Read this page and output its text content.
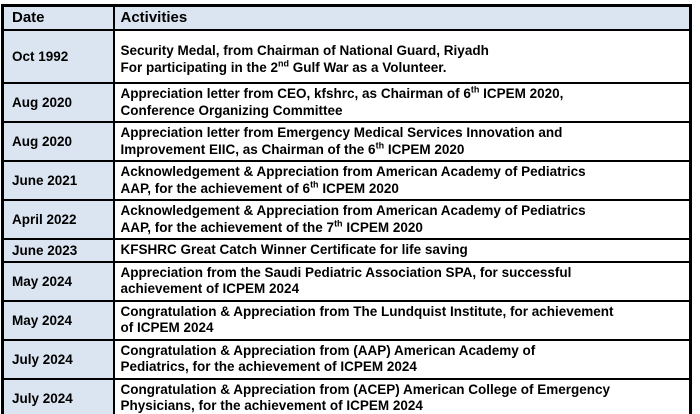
Date	Activities
Oct 1992	Security Medal, from Chairman of National Guard, Riyadh
For participating in the 2nd Gulf War as a Volunteer.

Aug 2020	Appreciation letter from CEO, kfshrc, as Chairman of 6th ICPEM 2020,
Conference Organizing Committee

Aug 2020	Appreciation letter from Emergency Medical Services Innovation and
Improvement EIIC, as Chairman of the 6th ICPEM 2020

June 2021	Acknowledgement & Appreciation from American Academy of Pediatrics
AAP, for the achievement of 6th ICPEM 2020

April 2022	Acknowledgement & Appreciation from American Academy of Pediatrics
AAP, for the achievement of the 7th ICPEM 2020

June 2023	KFSHRC Great Catch Winner Certificate for life saving

May 2024	Appreciation from the Saudi Pediatric Association SPA, for successful
achievement of ICPEM 2024

May 2024	Congratulation & Appreciation from The Lundquist Institute, for achievement
of ICPEM 2024

July 2024	Congratulation & Appreciation from (AAP) American Academy of
Pediatrics, for the achievement of ICPEM 2024

July 2024	Congratulation & Appreciation from (ACEP) American College of Emergency
Physicians, for the achievement of ICPEM 2024
